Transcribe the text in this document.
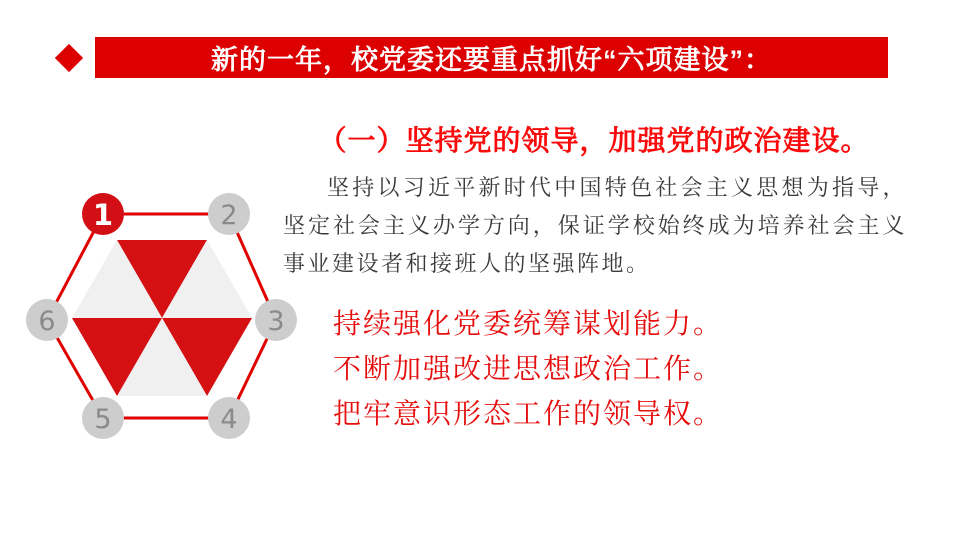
新的一年，校党委还要重点抓好“六项建设”：
1	2
3
4
5
6
（一）坚持党的领导，加强党的政治建设。
坚持以习近平新时代中国特色社会主义思想为指导，坚定社会主义办学方向，保证学校始终成为培养社会主义事业建设者和接班人的坚强阵地。
持续强化党委统筹谋划能力。
不断加强改进思想政治工作。
把牢意识形态工作的领导权。
